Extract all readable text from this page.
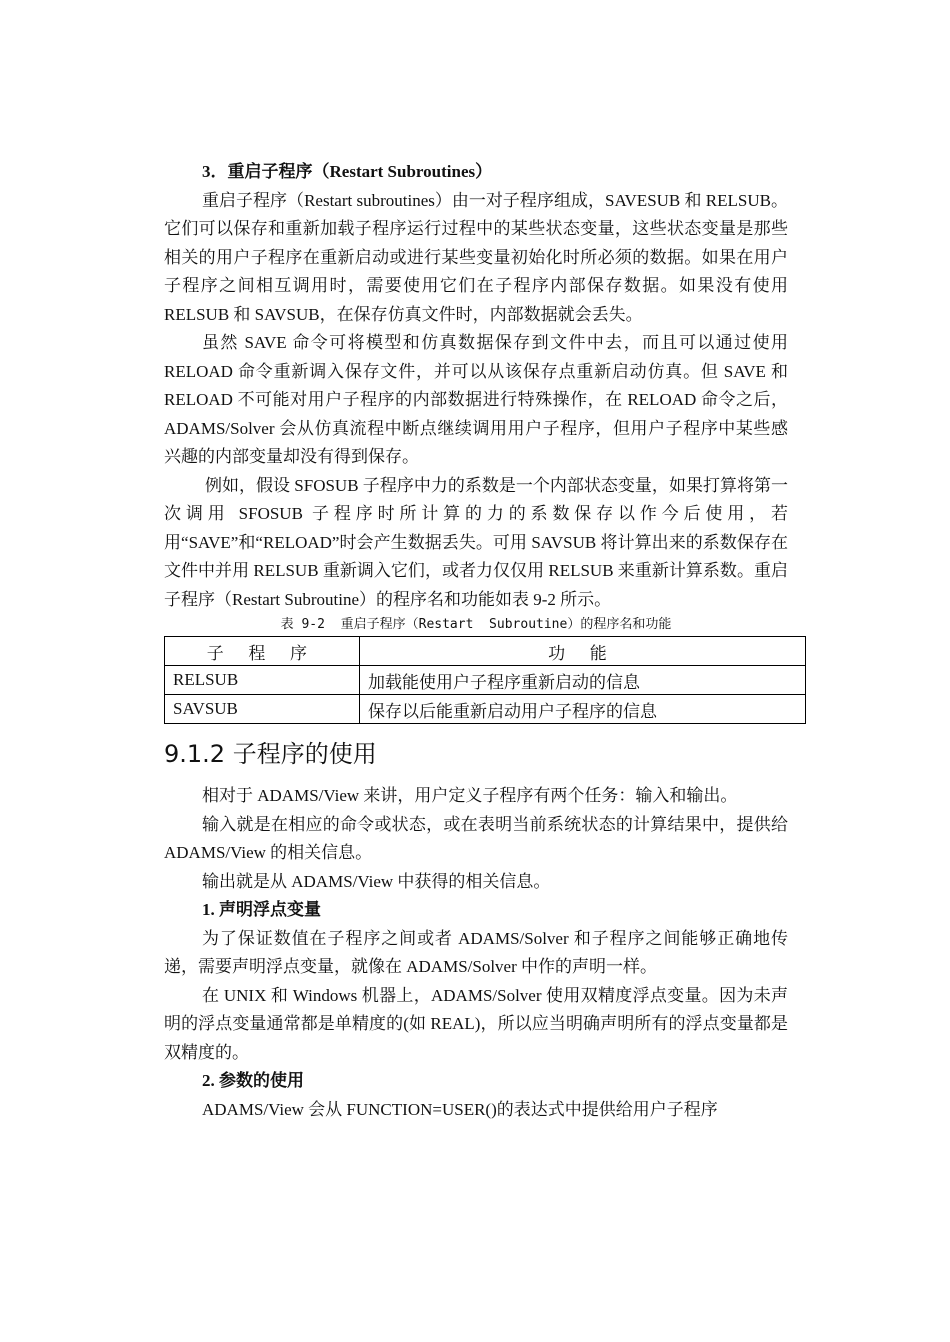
3．重启子程序（Restart Subroutines）

重启子程序（Restart subroutines）由一对子程序组成，SAVESUB 和 RELSUB。它们可以保存和重新加载子程序运行过程中的某些状态变量，这些状态变量是那些相关的用户子程序在重新启动或进行某些变量初始化时所必须的数据。如果在用户子程序之间相互调用时，需要使用它们在子程序内部保存数据。如果没有使用 RELSUB 和 SAVSUB，在保存仿真文件时，内部数据就会丢失。

虽然 SAVE 命令可将模型和仿真数据保存到文件中去，而且可以通过使用 RELOAD 命令重新调入保存文件，并可以从该保存点重新启动仿真。但 SAVE 和 RELOAD 不可能对用户子程序的内部数据进行特殊操作，在 RELOAD 命令之后，ADAMS/Solver 会从仿真流程中断点继续调用用户子程序，但用户子程序中某些感兴趣的内部变量却没有得到保存。

例如，假设 SFOSUB 子程序中力的系数是一个内部状态变量，如果打算将第一次调用 SFOSUB 子程序时所计算的力的系数保存以作今后使用，若用“SAVE”和“RELOAD”时会产生数据丢失。可用 SAVSUB 将计算出来的系数保存在文件中并用 RELSUB 重新调入它们，或者力仅仅用 RELSUB 来重新计算系数。重启子程序（Restart Subroutine）的程序名和功能如表 9-2 所示。

表 9-2  重启子程序（Restart  Subroutine）的程序名和功能

子 程 序	功 能
RELSUB	加载能使用户子程序重新启动的信息
SAVSUB	保存以后能重新启动用户子程序的信息
9.1.2 子程序的使用

相对于 ADAMS/View 来讲，用户定义子程序有两个任务：输入和输出。

输入就是在相应的命令或状态，或在表明当前系统状态的计算结果中，提供给 ADAMS/View 的相关信息。

输出就是从 ADAMS/View 中获得的相关信息。

1. 声明浮点变量

为了保证数值在子程序之间或者 ADAMS/Solver 和子程序之间能够正确地传递，需要声明浮点变量，就像在 ADAMS/Solver 中作的声明一样。

在 UNIX 和 Windows 机器上，ADAMS/Solver 使用双精度浮点变量。因为未声明的浮点变量通常都是单精度的(如 REAL)，所以应当明确声明所有的浮点变量都是双精度的。

2. 参数的使用

ADAMS/View 会从 FUNCTION=USER()的表达式中提供给用户子程序
